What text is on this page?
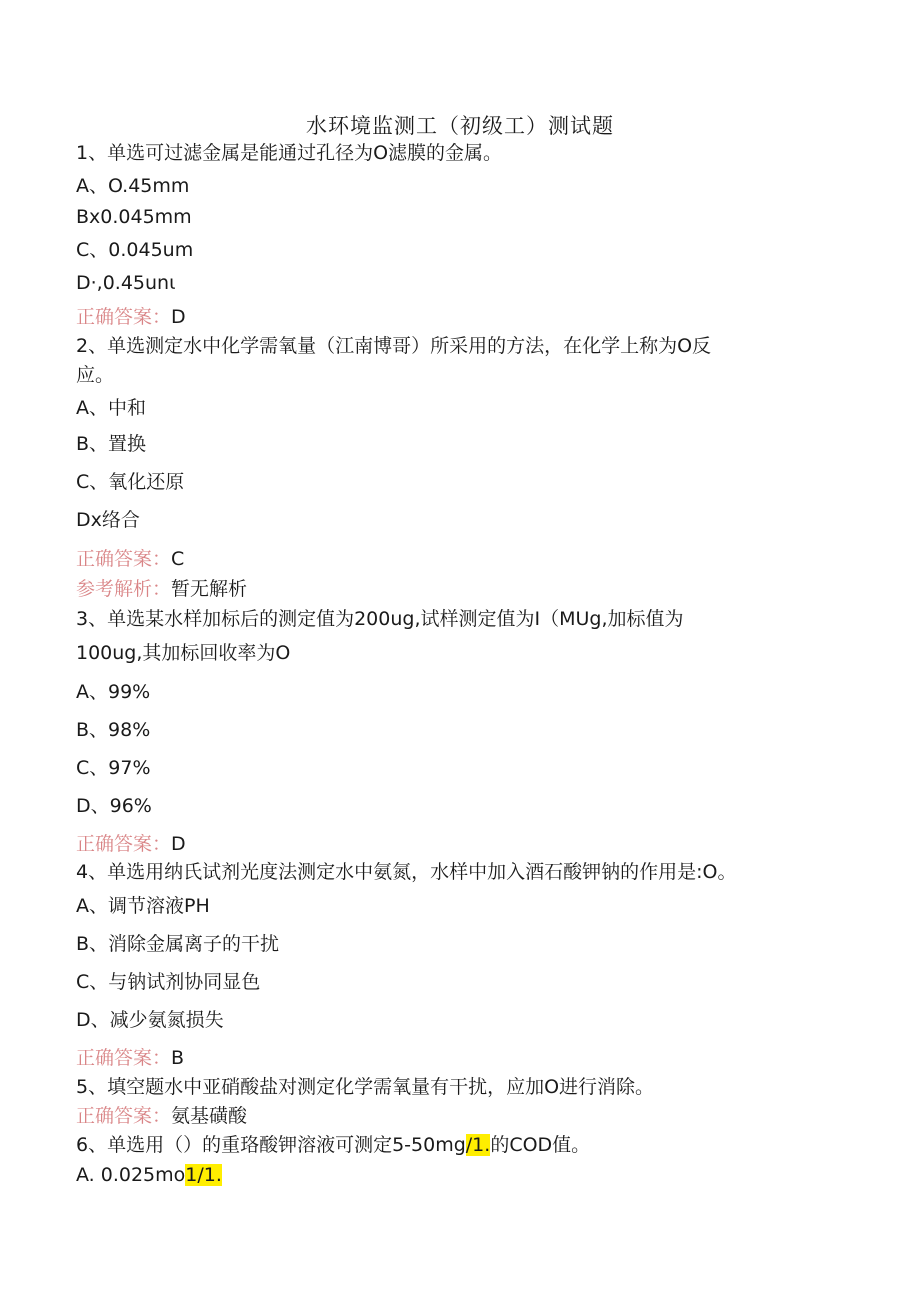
水环境监测工（初级工）测试题
1、单选可过滤金属是能通过孔径为O滤膜的金属。
A、O.45mm
Bx0.045mm
C、0.045um
D·,0.45unι
正确答案：D
2、单选测定水中化学需氧量（江南博哥）所采用的方法，在化学上称为O反
应。
A、中和
B、置换
C、氧化还原
Dx络合
正确答案：C
参考解析：暂无解析
3、单选某水样加标后的测定值为200ug,试样测定值为I（MUg,加标值为
100ug,其加标回收率为O
A、99%
B、98%
C、97%
D、96%
正确答案：D
4、单选用纳氏试剂光度法测定水中氨氮，水样中加入酒石酸钾钠的作用是:O。
A、调节溶液PH
B、消除金属离子的干扰
C、与钠试剂协同显色
D、减少氨氮损失
正确答案：B
5、填空题水中亚硝酸盐对测定化学需氧量有干扰，应加O进行消除。
正确答案：氨基磺酸
6、单选用（）的重珞酸钾溶液可测定5-50mg/1.的COD值。
A. 0.025mo1/1.
